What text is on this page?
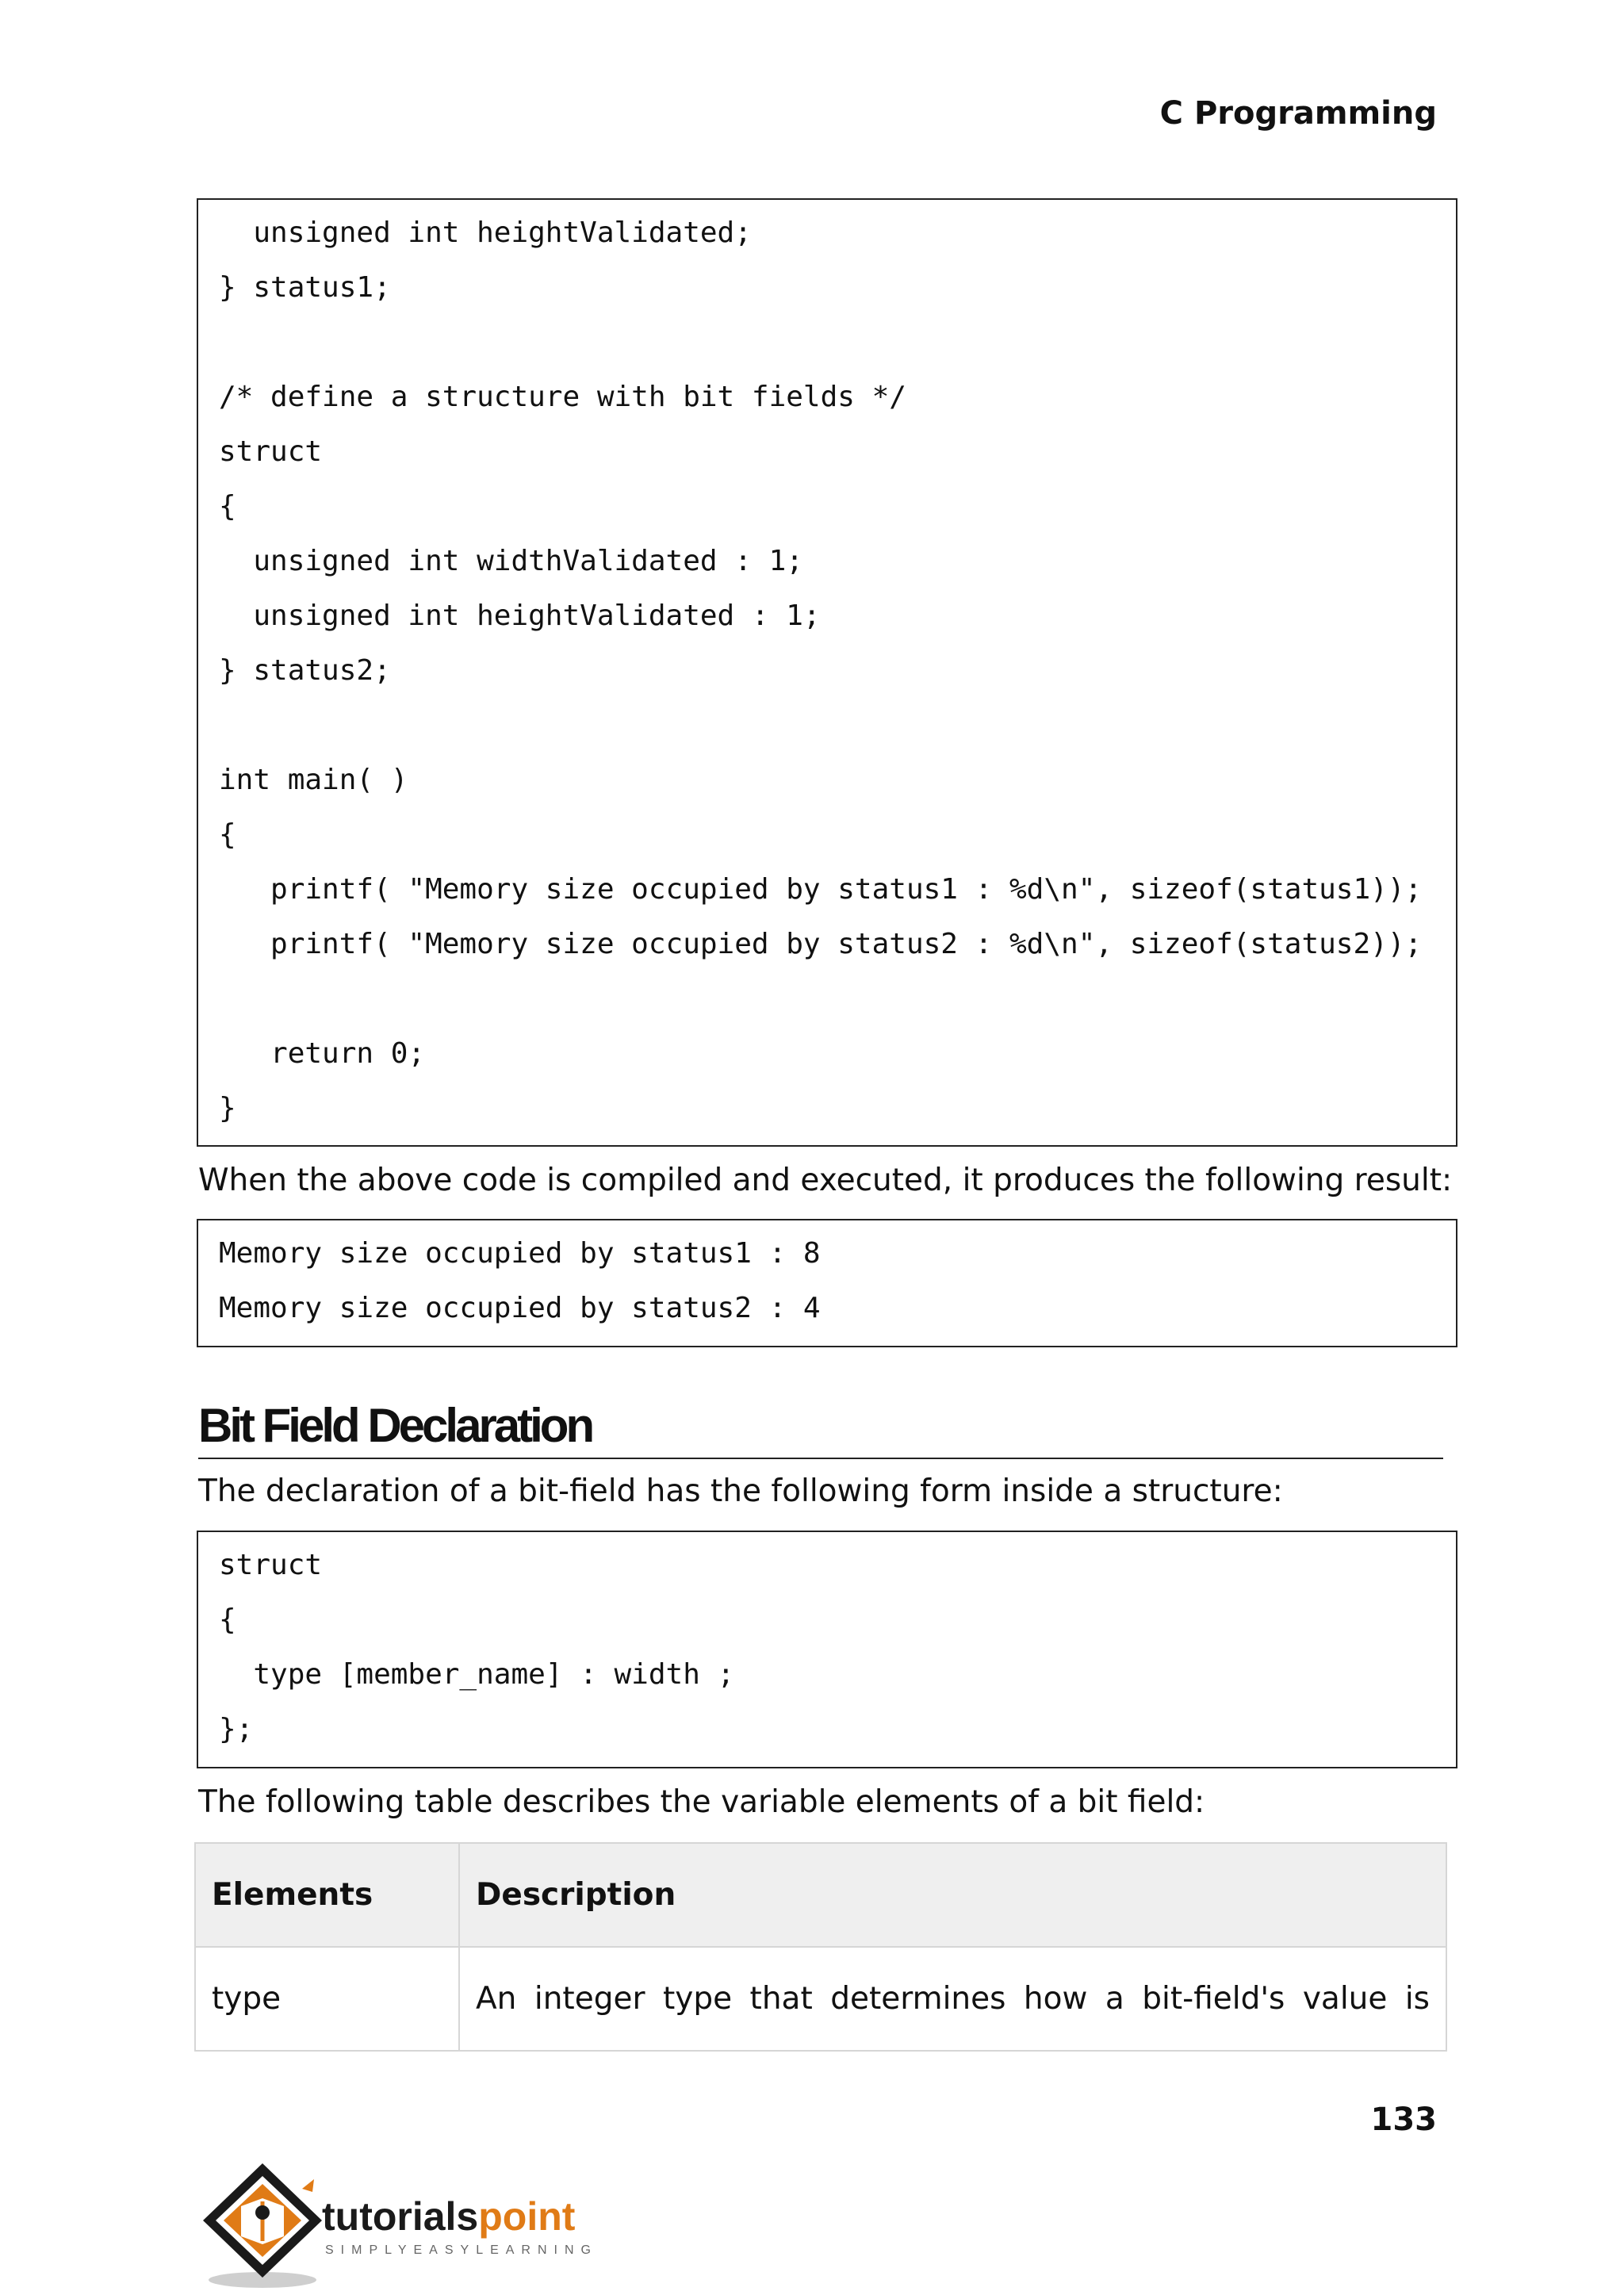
C Programming
unsigned int heightValidated;
} status1;
/* define a structure with bit fields */
struct
{
unsigned int widthValidated : 1;
unsigned int heightValidated : 1;
} status2;
int main( )
{
printf( "Memory size occupied by status1 : %d\n", sizeof(status1));
printf( "Memory size occupied by status2 : %d\n", sizeof(status2));
return 0;
}
When the above code is compiled and executed, it produces the following result:
Memory size occupied by status1 : 8
Memory size occupied by status2 : 4
Bit Field Declaration
The declaration of a bit-field has the following form inside a structure:
struct
{
type [member_name] : width ;
};
The following table describes the variable elements of a bit field:
Elements	Description
type	An integer type that determines how a bit-field's value is
133
tutorialspoint
SIMPLYEASYLEARNING
